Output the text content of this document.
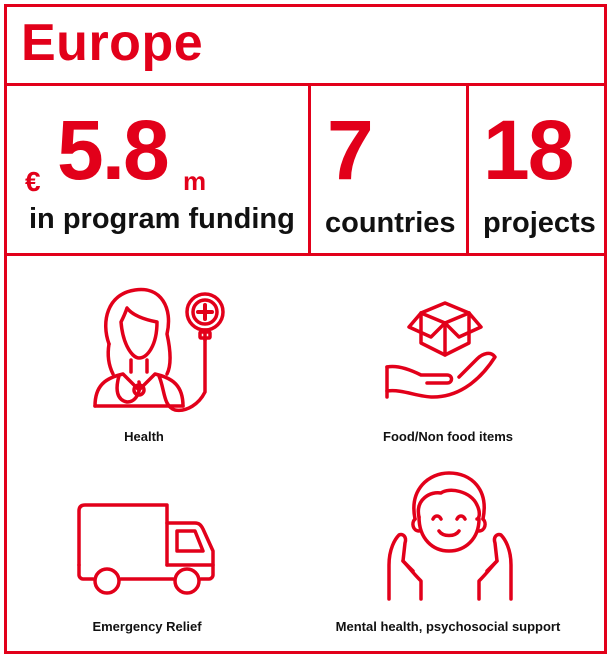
Europe
€ 5.8 m
in program funding
7
countries
18
projects
Health	Food/Non food items
Emergency Relief	Mental health, psychosocial support
